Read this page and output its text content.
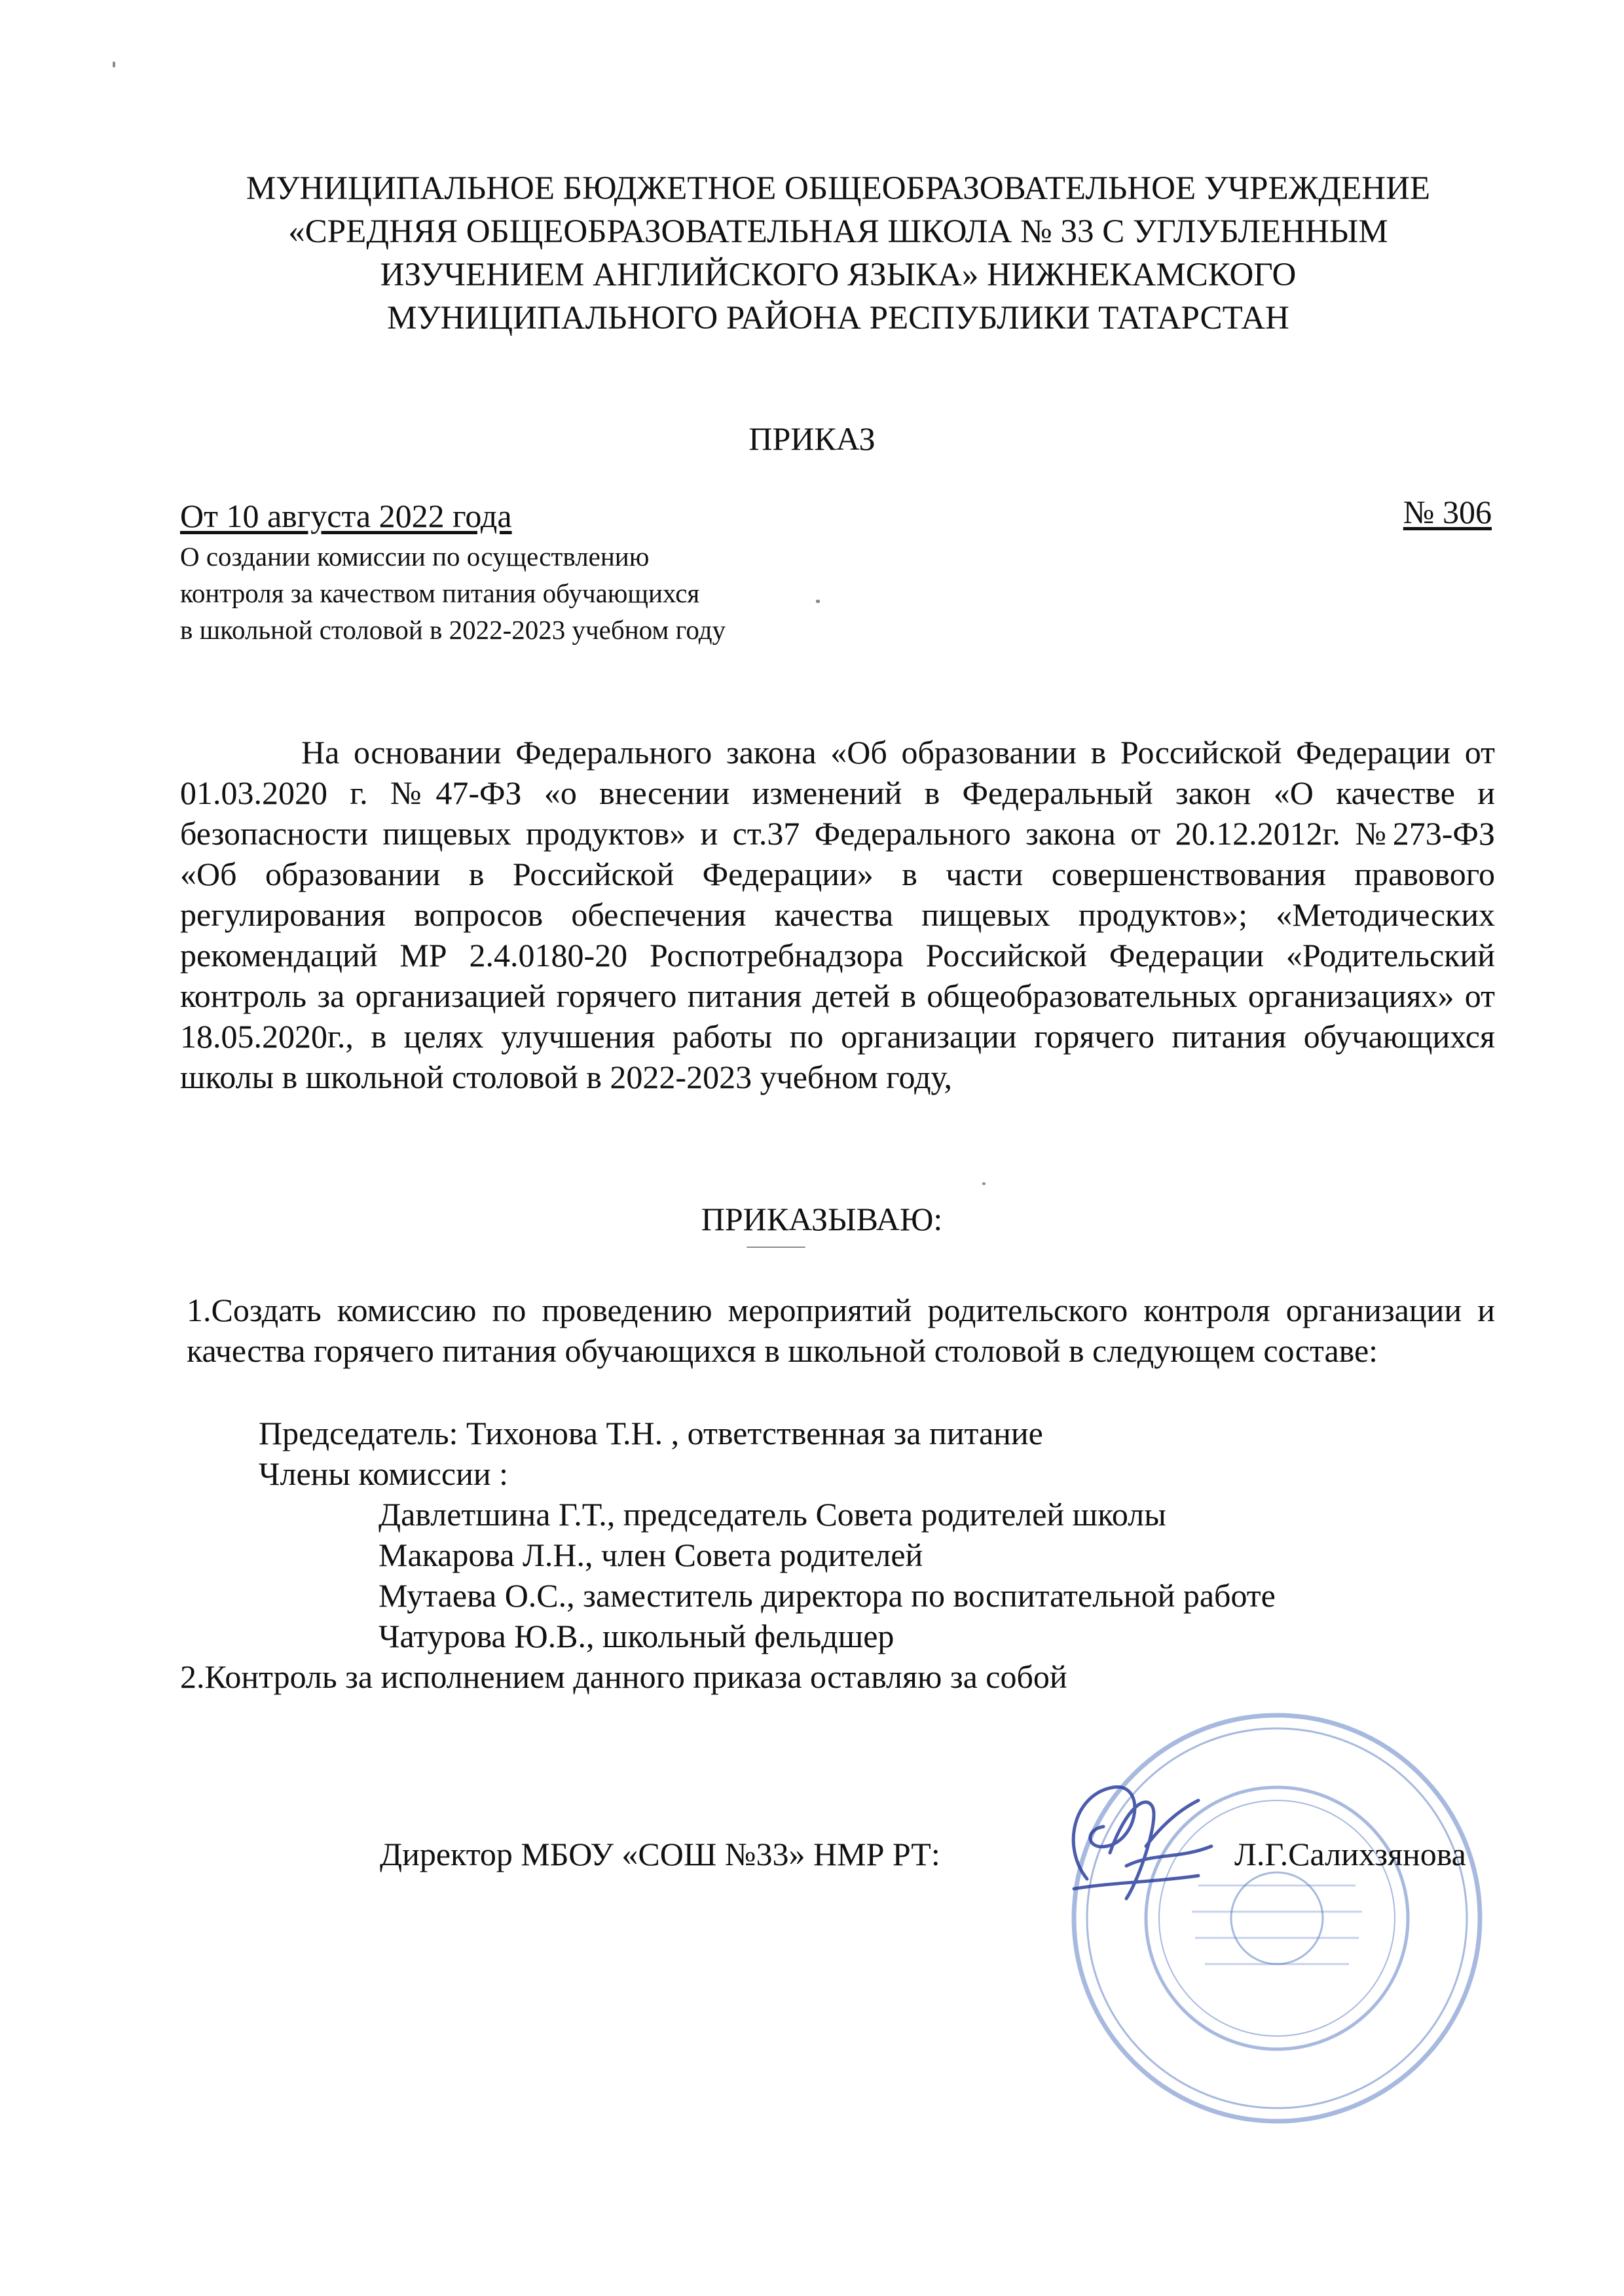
МУНИЦИПАЛЬНОЕ БЮДЖЕТНОЕ ОБЩЕОБРАЗОВАТЕЛЬНОЕ УЧРЕЖДЕНИЕ
«СРЕДНЯЯ ОБЩЕОБРАЗОВАТЕЛЬНАЯ ШКОЛА № 33 С УГЛУБЛЕННЫМ
ИЗУЧЕНИЕМ АНГЛИЙСКОГО ЯЗЫКА» НИЖНЕКАМСКОГО
МУНИЦИПАЛЬНОГО РАЙОНА РЕСПУБЛИКИ ТАТАРСТАН
ПРИКАЗ
От 10 августа 2022 года	№ 306
О создании комиссии по осуществлению
контроля за качеством питания обучающихся
в школьной столовой в 2022-2023 учебном году

На основании Федерального закона «Об образовании в Российской Федерации от 01.03.2020 г. №47-ФЗ «о внесении изменений в Федеральный закон «О качестве и безопасности пищевых продуктов» и ст.37 Федерального закона от 20.12.2012г. №273-ФЗ «Об образовании в Российской Федерации» в части совершенствования правового регулирования вопросов обеспечения качества пищевых продуктов»; «Методических рекомендаций МР 2.4.0180-20 Роспотребнадзора Российской Федерации «Родительский контроль за организацией горячего питания детей в общеобразовательных организациях» от 18.05.2020г., в целях улучшения работы по организации горячего питания обучающихся школы в школьной столовой в 2022-2023 учебном году,

ПРИКАЗЫВАЮ:

1.Создать комиссию по проведению мероприятий родительского контроля организации и качества горячего питания обучающихся в школьной столовой в следующем составе:

Председатель: Тихонова Т.Н. , ответственная за питание
Члены комиссии :
Давлетшина Г.Т., председатель Совета родителей школы
Макарова Л.Н., член Совета родителей
Мутаева О.С., заместитель директора по воспитательной работе
Чатурова Ю.В., школьный фельдшер
2.Контроль за исполнением данного приказа оставляю за собой
Директор МБОУ «СОШ №33» НМР РТ:	Л.Г.Салихзянова
